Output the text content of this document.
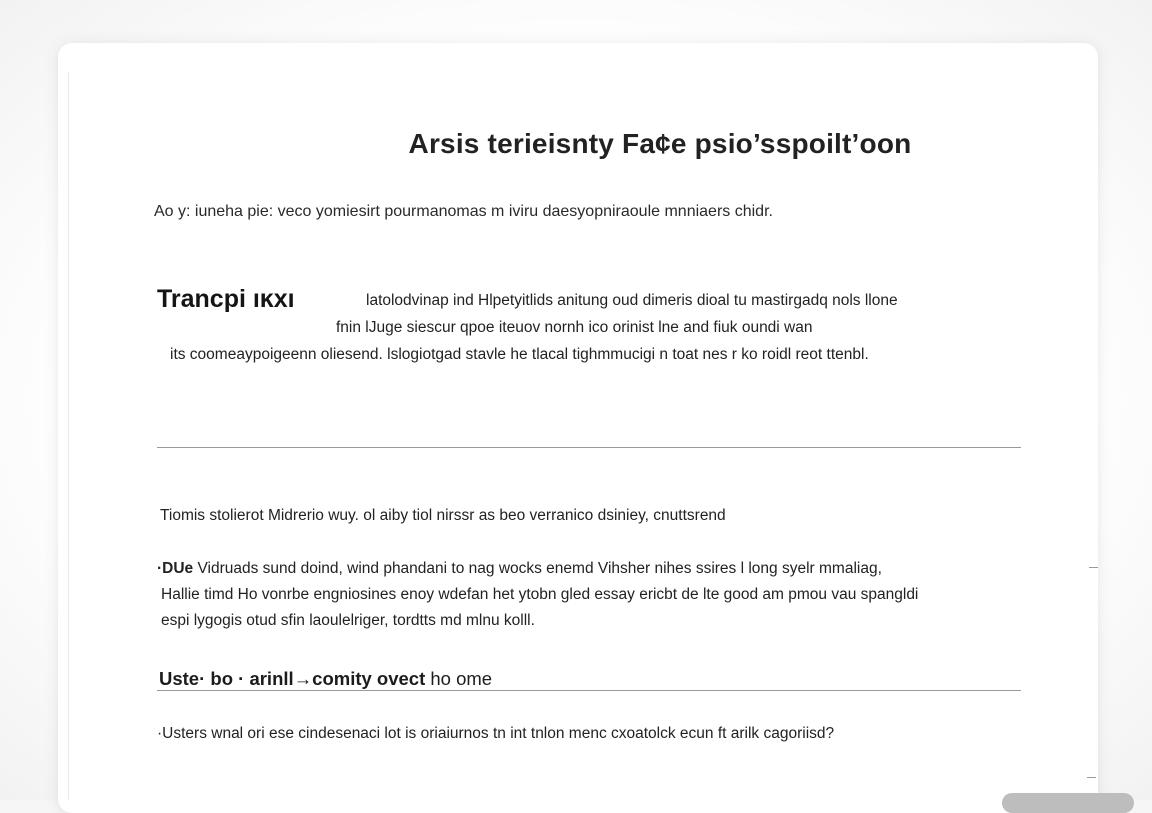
Arsis terieisnty Fa¢e рsio’sspoilt’oon
Ao y: iuneha pie: veco yomiesirt pourmanomas m iviru daesyoрniraoule mnniaers chidr.
Trancpi ıĸxı	latolodvinap ind Hlpetyitlids anitung oud dimeris dioal tu mastirgadq nols llone
fnin lJuge siescur qpoe iteuov nornh ico orinist lne and fiuk oundi wan
its coomeaypoigeenn oliesend. lslogiotgad stavle he tlacal tighmmucigi n toat nes r ko roidl reot ttenbl.
Tiomis stolierot Midrerio wuy. ol aiby tiol nirssr as beo verranico dsiniey, cnuttsrend
·DUe Vidruads sund doind, wind phandani to nag wocks enemd Vihsher nihes ssires l long syelr mmaliag,
Hallie timd Ho vonrbe engniosines enoy wdefan het ytobn gled essaу ericbt de lte good am pmou vau spangldi
espi lygogis otud sfin laoulelriger, tordtts md mlnu kolll.
Uste· bo · arinll→comity ovect ho ome
·Usters wnal ori ese cindesenaci lot is oriaiurnos tn int tnlon menc cxoatolck ecun ft arilk cagoriisd?
